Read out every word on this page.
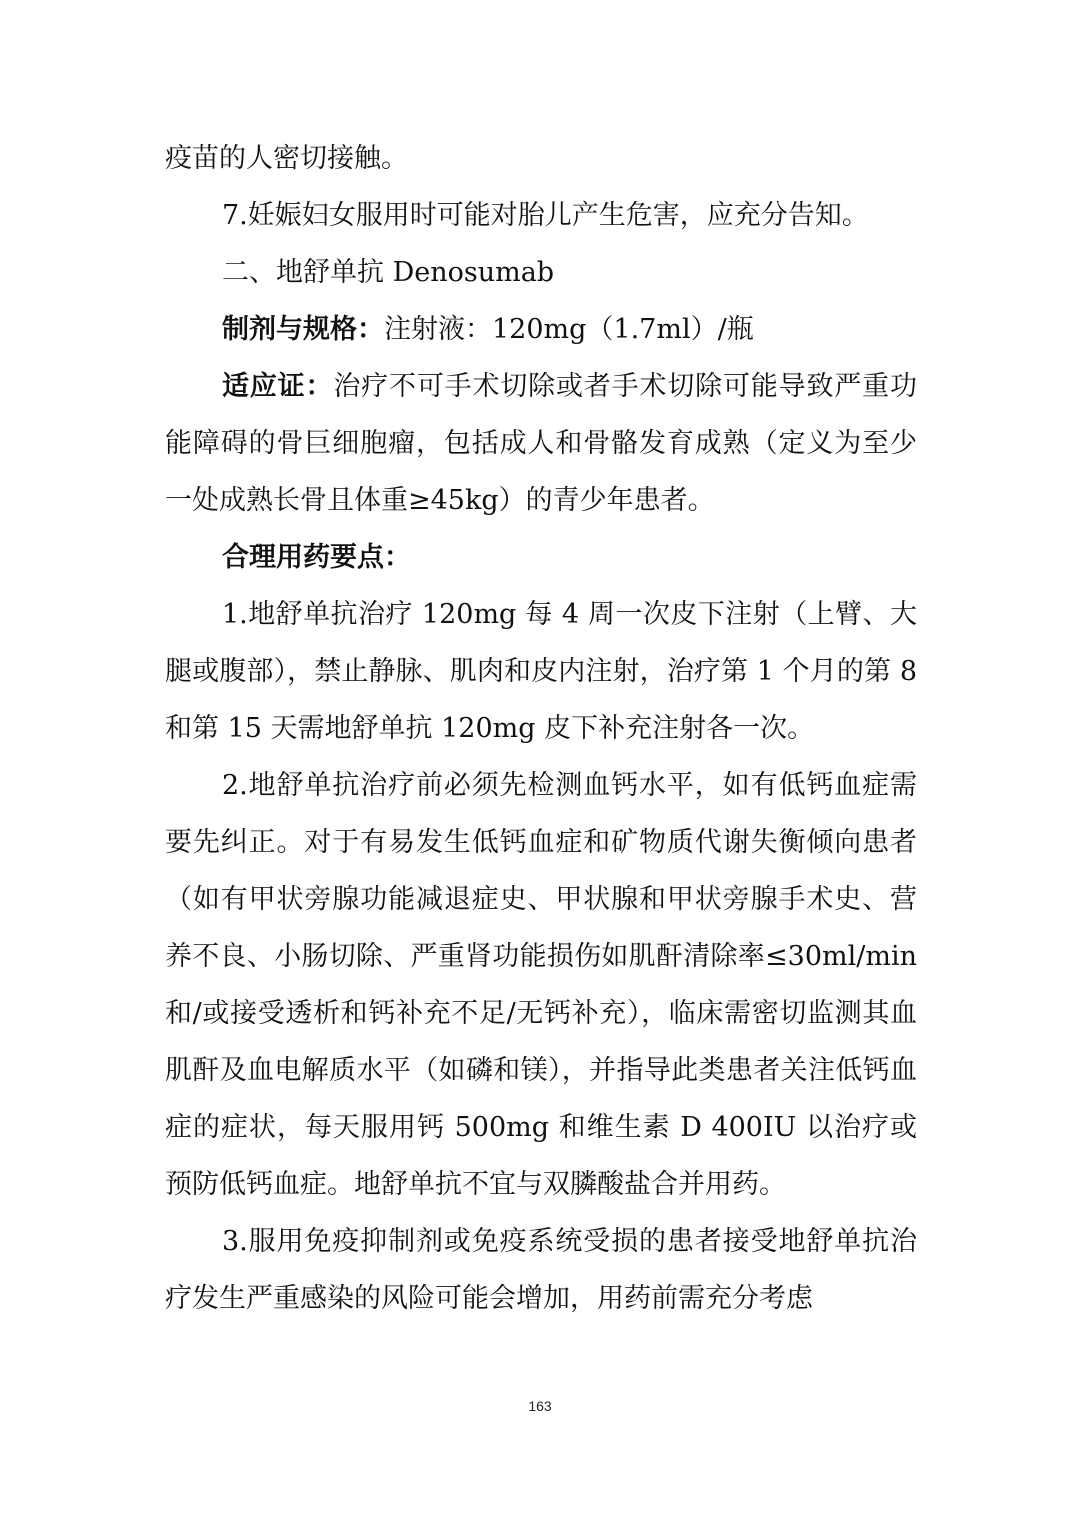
疫苗的人密切接触。

7.妊娠妇女服用时可能对胎儿产生危害，应充分告知。

二、地舒单抗 Denosumab

制剂与规格：注射液：120mg（1.7ml）/瓶

适应证：治疗不可手术切除或者手术切除可能导致严重功能障碍的骨巨细胞瘤，包括成人和骨骼发育成熟（定义为至少一处成熟长骨且体重≥45kg）的青少年患者。

合理用药要点：

1.地舒单抗治疗 120mg 每 4 周一次皮下注射（上臂、大腿或腹部），禁止静脉、肌肉和皮内注射，治疗第 1 个月的第 8 和第 15 天需地舒单抗 120mg 皮下补充注射各一次。

2.地舒单抗治疗前必须先检测血钙水平，如有低钙血症需要先纠正。对于有易发生低钙血症和矿物质代谢失衡倾向患者（如有甲状旁腺功能减退症史、甲状腺和甲状旁腺手术史、营养不良、小肠切除、严重肾功能损伤如肌酐清除率≤30ml/min 和/或接受透析和钙补充不足/无钙补充），临床需密切监测其血肌酐及血电解质水平（如磷和镁），并指导此类患者关注低钙血症的症状，每天服用钙 500mg 和维生素 D 400IU 以治疗或预防低钙血症。地舒单抗不宜与双膦酸盐合并用药。

3.服用免疫抑制剂或免疫系统受损的患者接受地舒单抗治疗发生严重感染的风险可能会增加，用药前需充分考虑

163
